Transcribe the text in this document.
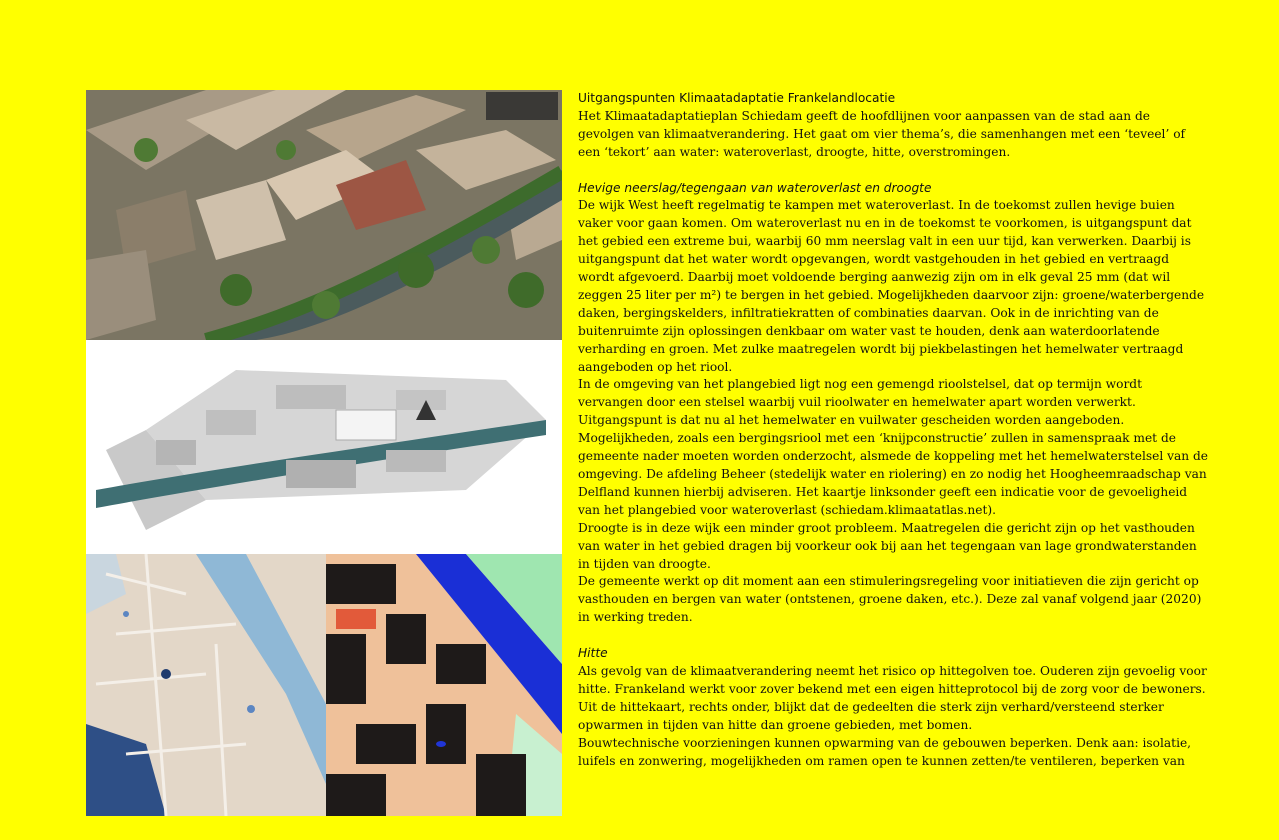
Uitgangspunten Klimaatadaptatie Frankelandlocatie

Het Klimaatadaptatieplan Schiedam geeft de hoofdlijnen voor aanpassen van de stad aan de gevolgen van klimaatverandering. Het gaat om vier thema’s, die samenhangen met een ‘teveel’ of een ‘tekort’ aan water: wateroverlast, droogte, hitte, overstromingen.

Hevige neerslag/tegengaan van wateroverlast en droogte

De wijk West heeft regelmatig te kampen met wateroverlast. In de toekomst zullen hevige buien vaker voor gaan komen. Om wateroverlast nu en in de toekomst te voorkomen, is uitgangspunt dat het gebied een extreme bui, waarbij 60 mm neerslag valt in een uur tijd, kan verwerken. Daarbij is uitgangspunt dat het water wordt opgevangen, wordt vastgehouden in het gebied en vertraagd wordt afgevoerd. Daarbij moet voldoende berging aanwezig zijn om in elk geval 25 mm (dat wil zeggen 25 liter per m²) te bergen in het gebied. Mogelijkheden daarvoor zijn: groene/waterbergende daken, bergingskelders, infiltratiekratten of combinaties daarvan. Ook in de inrichting van de buitenruimte zijn oplossingen denkbaar om water vast te houden, denk aan waterdoorlatende verharding en groen. Met zulke maatregelen wordt bij piekbelastingen het hemelwater vertraagd aangeboden op het riool.

In de omgeving van het plangebied ligt nog een gemengd rioolstelsel, dat op termijn wordt vervangen door een stelsel waarbij vuil rioolwater en hemelwater apart worden verwerkt. Uitgangspunt is dat nu al het hemelwater en vuilwater gescheiden worden aangeboden. Mogelijkheden, zoals een bergingsriool met een ‘knijpconstructie’ zullen in samenspraak met de gemeente nader moeten worden onderzocht, alsmede de koppeling met het hemelwaterstelsel van de omgeving. De afdeling Beheer (stedelijk water en riolering) en zo nodig het Hoogheemraadschap van Delfland kunnen hierbij adviseren. Het kaartje linksonder geeft een indicatie voor de gevoeligheid van het plangebied voor wateroverlast (schiedam.klimaatatlas.net).

Droogte is in deze wijk een minder groot probleem. Maatregelen die gericht zijn op het vasthouden van water in het gebied dragen bij voorkeur ook bij aan het tegengaan van lage grondwaterstanden in tijden van droogte.

De gemeente werkt op dit moment aan een stimuleringsregeling voor initiatieven die zijn gericht op vasthouden en bergen van water (ontstenen, groene daken, etc.). Deze zal vanaf volgend jaar (2020) in werking treden.

Hitte

Als gevolg van de klimaatverandering neemt het risico op hittegolven toe. Ouderen zijn gevoelig voor hitte. Frankeland werkt voor zover bekend met een eigen hitteprotocol bij de zorg voor de bewoners. Uit de hittekaart, rechts onder, blijkt dat de gedeelten die sterk zijn verhard/versteend sterker opwarmen in tijden van hitte dan groene gebieden, met bomen.

Bouwtechnische voorzieningen kunnen opwarming van de gebouwen beperken. Denk aan: isolatie, luifels en zonwering, mogelijkheden om ramen open te kunnen zetten/te ventileren, beperken van
